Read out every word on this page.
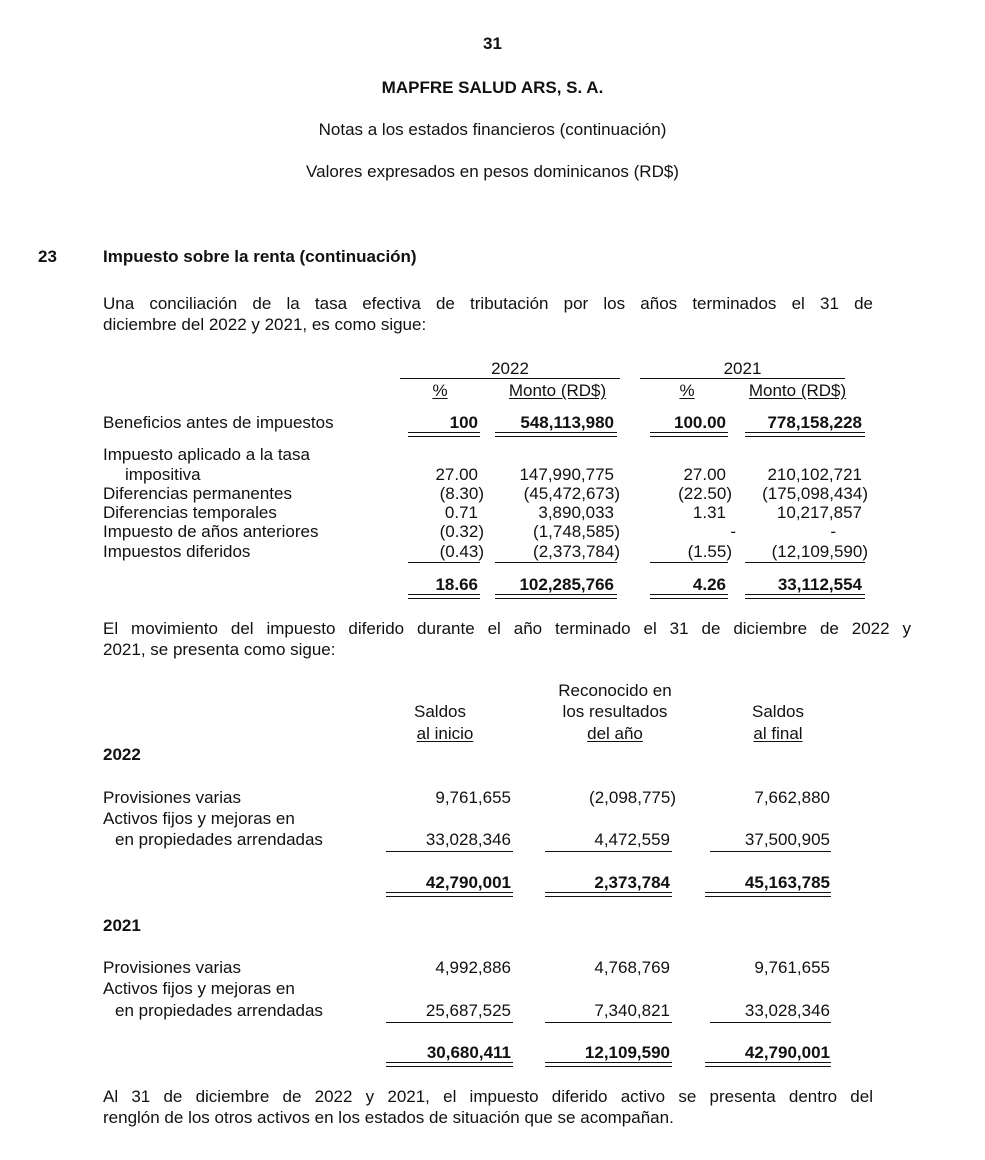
31
MAPFRE SALUD ARS, S. A.
Notas a los estados financieros (continuación)
Valores expresados en pesos dominicanos (RD$)
23	Impuesto sobre la renta (continuación)
Una conciliación de la tasa efectiva de tributación por los años terminados el 31 de
diciembre del 2022 y 2021, es como sigue:
2022	2021
%	Monto (RD$)	%	Monto (RD$)
Beneficios antes de impuestos	100	548,113,980	100.00	778,158,228
Impuesto aplicado a la tasa
impositiva	27.00	147,990,775	27.00	210,102,721
Diferencias permanentes	(8.30)	(45,472,673)	(22.50)	(175,098,434)
Diferencias temporales	0.71	3,890,033	1.31	10,217,857
Impuesto de años anteriores	(0.32)	(1,748,585)	-	-
Impuestos diferidos	(0.43)	(2,373,784)	(1.55)	(12,109,590)
18.66	102,285,766	4.26	33,112,554
El movimiento del impuesto diferido durante el año terminado el 31 de diciembre de 2022 y
2021, se presenta como sigue:
Saldos
al inicio
Reconocido en
los resultados
del año
Saldos
al final
2022
Provisiones varias	9,761,655	(2,098,775)	7,662,880
Activos fijos y mejoras en
en propiedades arrendadas	33,028,346	4,472,559	37,500,905
42,790,001	2,373,784	45,163,785
2021
Provisiones varias	4,992,886	4,768,769	9,761,655
Activos fijos y mejoras en
en propiedades arrendadas	25,687,525	7,340,821	33,028,346
30,680,411	12,109,590	42,790,001
Al 31 de diciembre de 2022 y 2021, el impuesto diferido activo se presenta dentro del
renglón de los otros activos en los estados de situación que se acompañan.
